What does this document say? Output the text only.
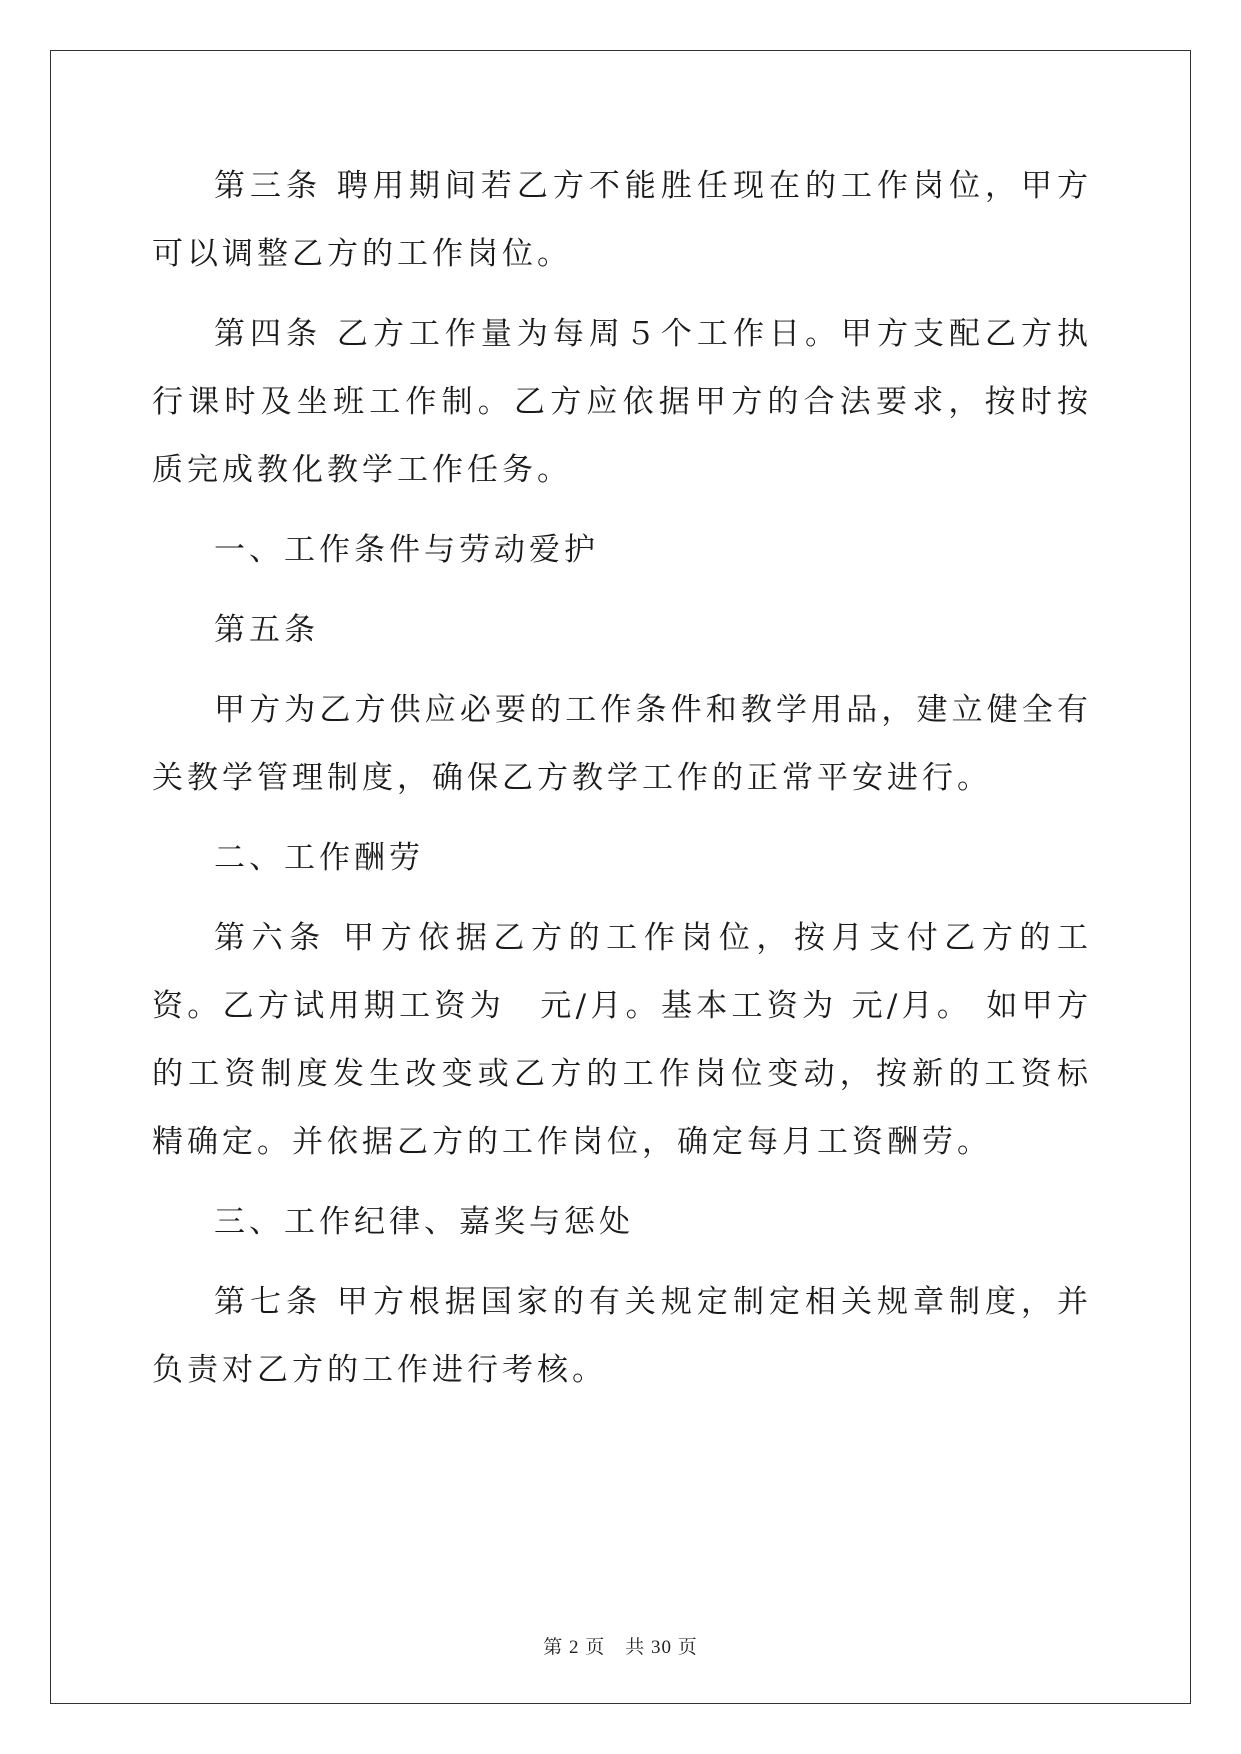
第三条 聘用期间若乙方不能胜任现在的工作岗位，甲方可以调整乙方的工作岗位。

第四条 乙方工作量为每周５个工作日。甲方支配乙方执行课时及坐班工作制。乙方应依据甲方的合法要求，按时按质完成教化教学工作任务。

一、工作条件与劳动爱护

第五条

甲方为乙方供应必要的工作条件和教学用品，建立健全有关教学管理制度，确保乙方教学工作的正常平安进行。

二、工作酬劳

第六条 甲方依据乙方的工作岗位，按月支付乙方的工资。乙方试用期工资为　元/月。基本工资为 元/月。 如甲方的工资制度发生改变或乙方的工作岗位变动，按新的工资标精确定。并依据乙方的工作岗位，确定每月工资酬劳。

三、工作纪律、嘉奖与惩处

第七条 甲方根据国家的有关规定制定相关规章制度，并负责对乙方的工作进行考核。

第 2 页　共 30 页
